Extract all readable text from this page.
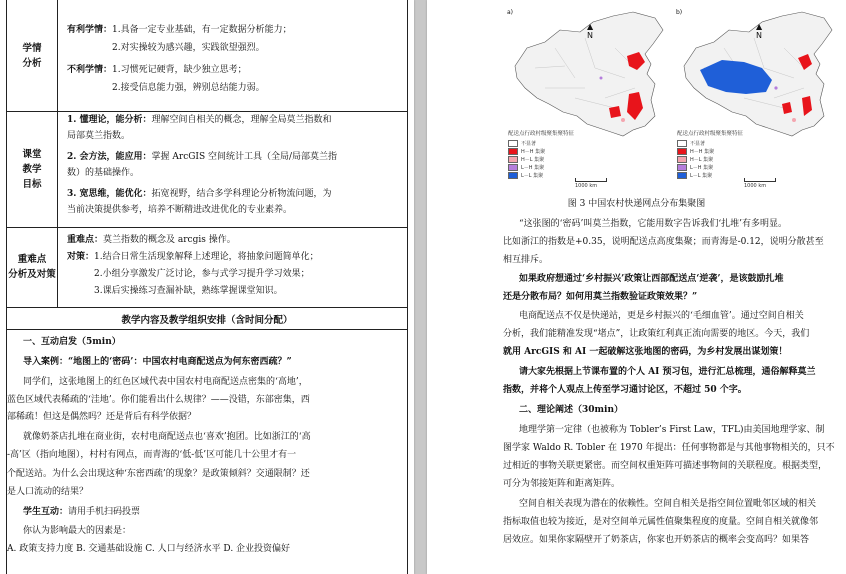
学情
分析
有利学情：1.具备一定专业基础，有一定数据分析能力；
2.对实操较为感兴趣，实践欲望强烈。
不利学情：1.习惯死记硬背，缺少独立思考；
2.接受信息能力强，辨别总结能力弱。
课堂
教学
目标
1. 懂理论，能分析：理解空间自相关的概念，理解全局莫兰指数和
局部莫兰指数。
2. 会方法，能应用：掌握 ArcGIS 空间统计工具（全局/局部莫兰指
数）的基础操作。
3. 宽思维，能优化：拓宽视野，结合多学科理论分析物流问题，为
当前决策提供参考，培养不断精进改进优化的专业素养。
重难点
分析及对策
重难点：莫兰指数的概念及 arcgis 操作。
对策：1.结合日常生活现象解释上述理论，将抽象问题简单化；
2.小组分享激发广泛讨论，参与式学习提升学习效果；
3.课后实操练习查漏补缺，熟练掌握课堂知识。
教学内容及教学组织安排（含时间分配）
一、互动启发（5min）
导入案例：“地图上的‘密码’：中国农村电商配送点为何东密西疏？”
同学们，这张地图上的红色区域代表中国农村电商配送点密集的‘高地’，
蓝色区域代表稀疏的‘洼地’。你们能看出什么规律？——没错，东部密集，西
部稀疏！但这是偶然吗？还是背后有科学依据？
就像奶茶店扎堆在商业街，农村电商配送点也‘喜欢’抱团。比如浙江的‘高
-高’区（指向地图），村村有网点，而青海的‘低-低’区可能几十公里才有一
个配送站。为什么会出现这种‘东密西疏’的现象？是政策倾斜？交通限制？还
是人口流动的结果？
学生互动：请用手机扫码投票
你认为影响最大的因素是：
A. 政策支持力度 B. 交通基础设施 C. 人口与经济水平 D. 企业投资偏好
a)
▲
N
配送点行政村级聚集聚特征
不显著
H－H 集聚
H－L 集聚
L－H 集聚
L－L 集聚
1000 km
b)
▲
N
配送点行政村级聚集聚特征
不显著
H－H 集聚
H－L 集聚
L－H 集聚
L－L 集聚
1000 km
图 3 中国农村快递网点分布集聚图
“这张图的‘密码’叫莫兰指数，它能用数字告诉我们‘扎堆’有多明显。
比如浙江的指数是+0.35，说明配送点高度集聚；而青海是-0.12，说明分散甚至
相互排斥。
如果政府想通过‘乡村振兴’政策让西部配送点‘逆袭’，是该鼓励扎堆
还是分散布局？如何用莫兰指数验证政策效果？”
电商配送点不仅是快递站，更是乡村振兴的‘毛细血管’。通过空间自相关
分析，我们能精准发现“堵点”，让政策红利真正流向需要的地区。今天，我们
就用 ArcGIS 和 AI 一起破解这张地图的密码，为乡村发展出谋划策！
请大家先根据上节课布置的个人 AI 预习包，进行汇总梳理，通俗解释莫兰
指数，并将个人观点上传至学习通讨论区，不超过 50 个字。
二、理论阐述（30min）
地理学第一定律（也被称为 Tobler’s First Law，TFL)由美国地理学家、制
图学家 Waldo R. Tobler 在 1970 年提出：任何事物都是与其他事物相关的，只不
过相近的事物关联更紧密。而空间权重矩阵可描述事物间的关联程度。根据类型，
可分为邻接矩阵和距离矩阵。
空间自相关表现为潜在的依赖性。空间自相关是指空间位置毗邻区域的相关
指标取值也较为接近，是对空间单元属性值聚集程度的度量。空间自相关就像邻
居效应。如果你家隔壁开了奶茶店，你家也开奶茶店的概率会变高吗？如果答
